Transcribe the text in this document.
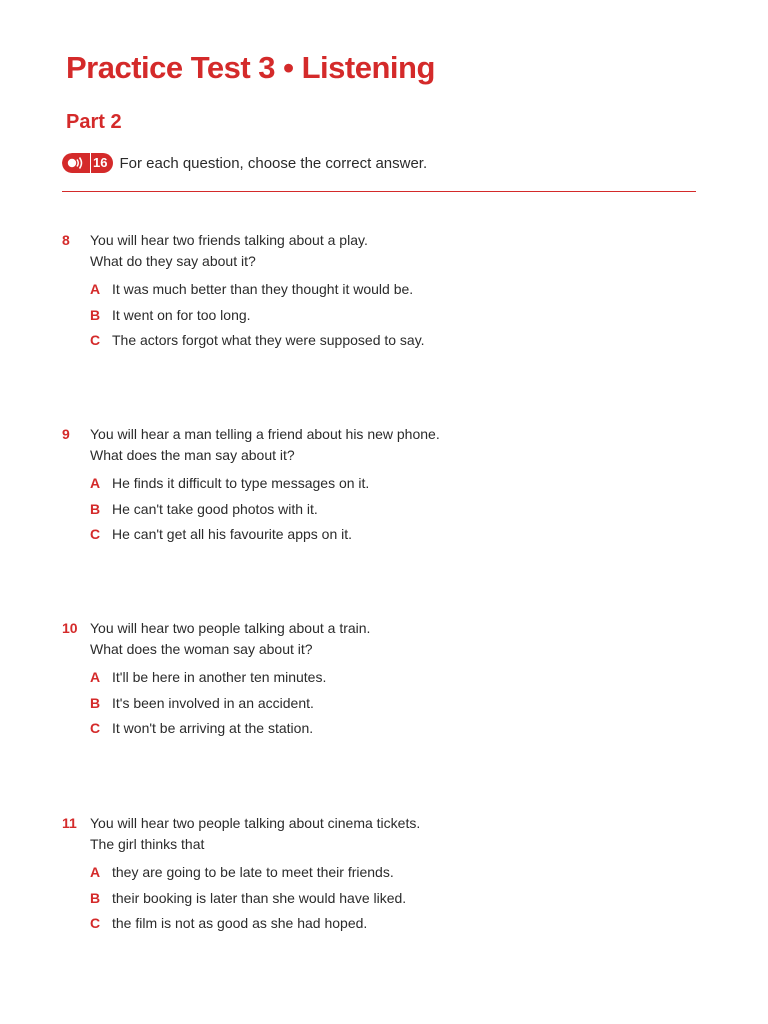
Practice Test 3 • Listening
Part 2
16 For each question, choose the correct answer.
8	You will hear two friends talking about a play.
What do they say about it?
A It was much better than they thought it would be.
B It went on for too long.
C The actors forgot what they were supposed to say.
9	You will hear a man telling a friend about his new phone.
What does the man say about it?
A He finds it difficult to type messages on it.
B He can't take good photos with it.
C He can't get all his favourite apps on it.
10 You will hear two people talking about a train.
What does the woman say about it?
A It'll be here in another ten minutes.
B It's been involved in an accident.
C It won't be arriving at the station.
11 You will hear two people talking about cinema tickets.
The girl thinks that
A they are going to be late to meet their friends.
B their booking is later than she would have liked.
C the film is not as good as she had hoped.
